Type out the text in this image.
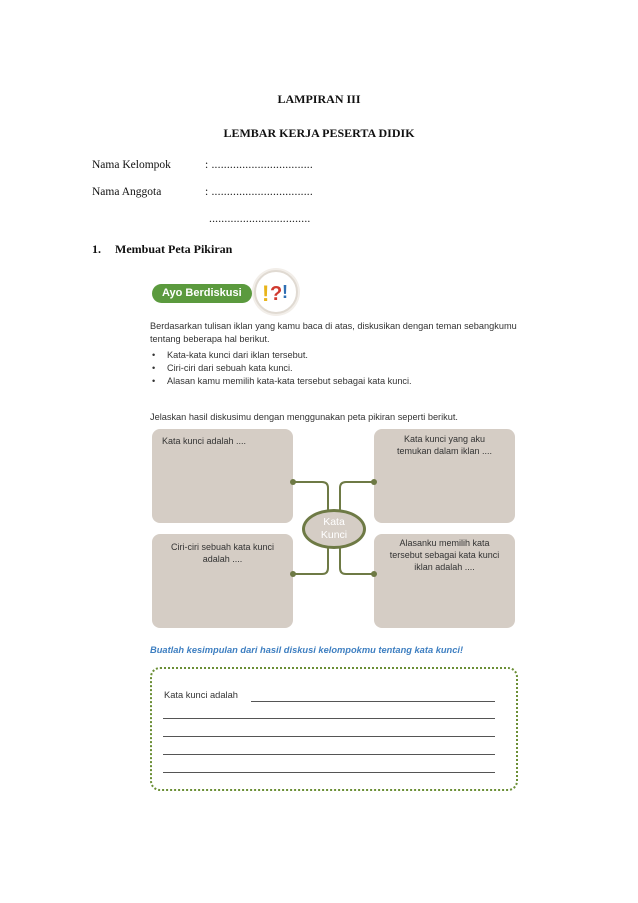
LAMPIRAN III
LEMBAR KERJA PESERTA DIDIK
Nama Kelompok	: .................................
Nama Anggota	: .................................
.................................
1. Membuat Peta Pikiran
Ayo Berdiskusi ! ? !
Berdasarkan tulisan iklan yang kamu baca di atas, diskusikan dengan teman sebangkumu tentang beberapa hal berikut.
• Kata-kata kunci dari iklan tersebut.
• Ciri-ciri dari sebuah kata kunci.
• Alasan kamu memilih kata-kata tersebut sebagai kata kunci.
Jelaskan hasil diskusimu dengan menggunakan peta pikiran seperti berikut.
Kata kunci adalah ....	Kata kunci yang aku temukan dalam iklan ....
Ciri-ciri sebuah kata kunci adalah ....
Alasanku memilih kata tersebut sebagai kata kunci iklan adalah ....
Kata Kunci
Buatlah kesimpulan dari hasil diskusi kelompokmu tentang kata kunci!
Kata kunci adalah
